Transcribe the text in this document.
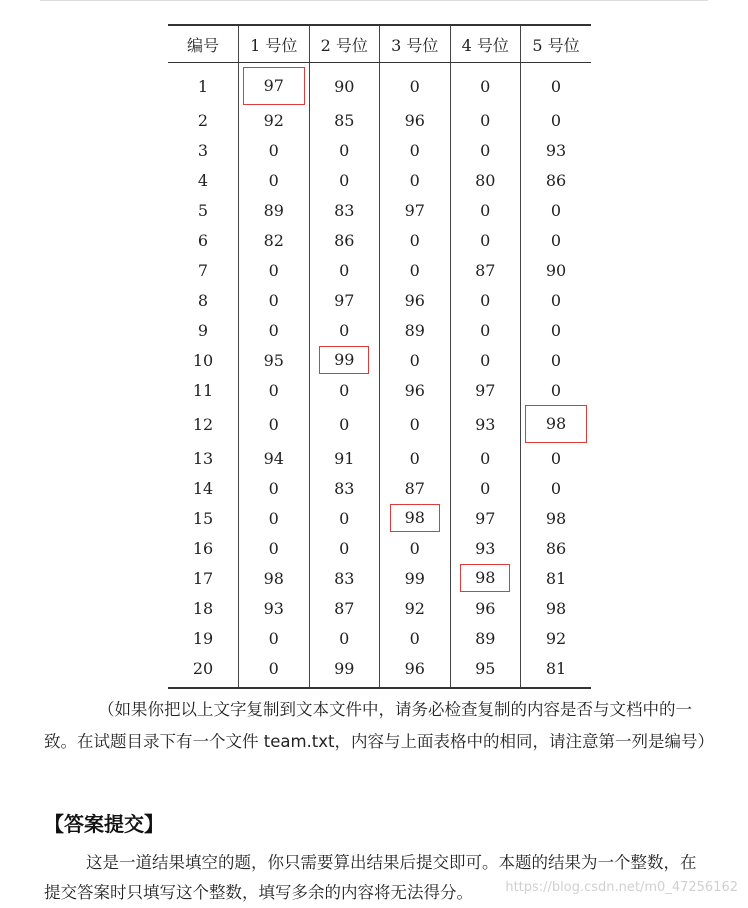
编号	1 号位	2 号位	3 号位	4 号位	5 号位
1	97	90	0	0	0
2	92	85	96	0	0
3	0	0	0	0	93
4	0	0	0	80	86
5	89	83	97	0	0
6	82	86	0	0	0
7	0	0	0	87	90
8	0	97	96	0	0
9	0	0	89	0	0
10	95	99	0	0	0
11	0	0	96	97	0
12	0	0	0	93	98
13	94	91	0	0	0
14	0	83	87	0	0
15	0	0	98	97	98
16	0	0	0	93	86
17	98	83	99	98	81
18	93	87	92	96	98
19	0	0	0	89	92
20	0	99	96	95	81

（如果你把以上文字复制到文本文件中，请务必检查复制的内容是否与文档中的一致。在试题目录下有一个文件 team.txt，内容与上面表格中的相同，请注意第一列是编号）

【答案提交】

这是一道结果填空的题，你只需要算出结果后提交即可。本题的结果为一个整数，在提交答案时只填写这个整数，填写多余的内容将无法得分。	https://blog.csdn.net/m0_47256162
